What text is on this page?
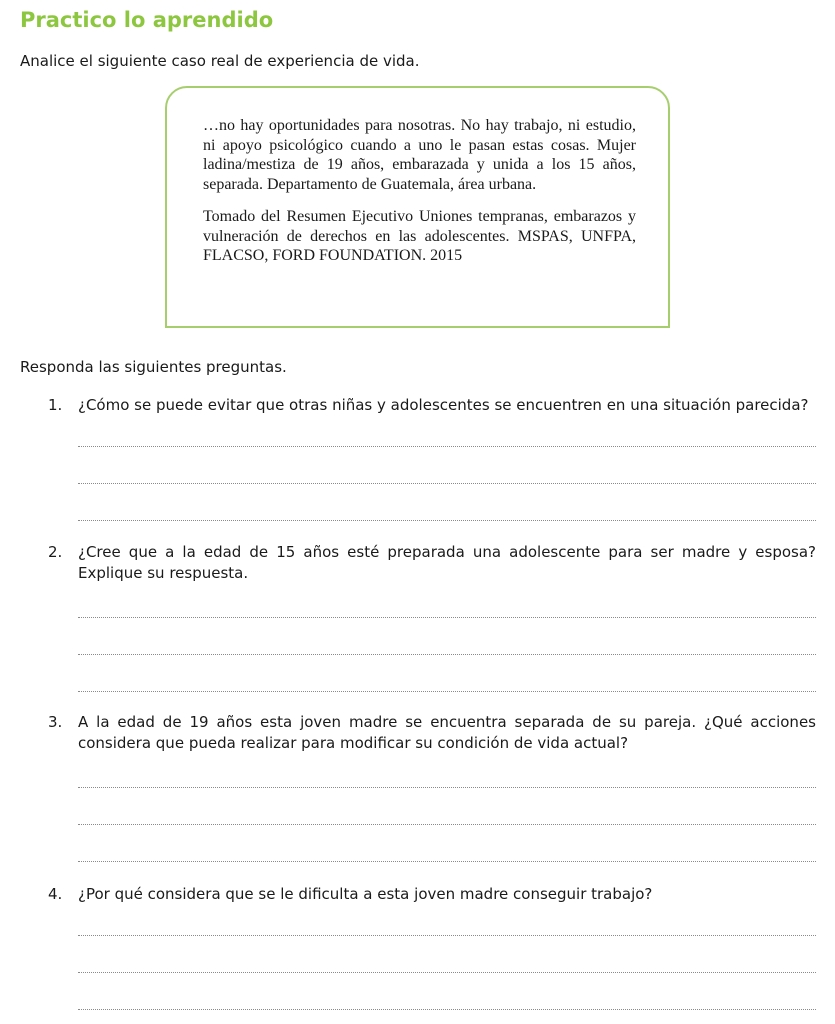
Practico lo aprendido
Analice el siguiente caso real de experiencia de vida.

…no hay oportunidades para nosotras. No hay trabajo, ni estudio, ni apoyo psicológico cuando a uno le pasan estas cosas. Mujer ladina/mestiza de 19 años, embarazada y unida a los 15 años, separada. Departamento de Guatemala, área urbana.

Tomado del Resumen Ejecutivo Uniones tempranas, embarazos y vulneración de derechos en las adolescentes. MSPAS, UNFPA, FLACSO, FORD FOUNDATION. 2015

Responda las siguientes preguntas.
1. ¿Cómo se puede evitar que otras niñas y adolescentes se encuentren en una situación parecida?
2. ¿Cree que a la edad de 15 años esté preparada una adolescente para ser madre y esposa? Explique su respuesta.
3. A la edad de 19 años esta joven madre se encuentra separada de su pareja. ¿Qué acciones considera que pueda realizar para modificar su condición de vida actual?
4. ¿Por qué considera que se le dificulta a esta joven madre conseguir trabajo?
